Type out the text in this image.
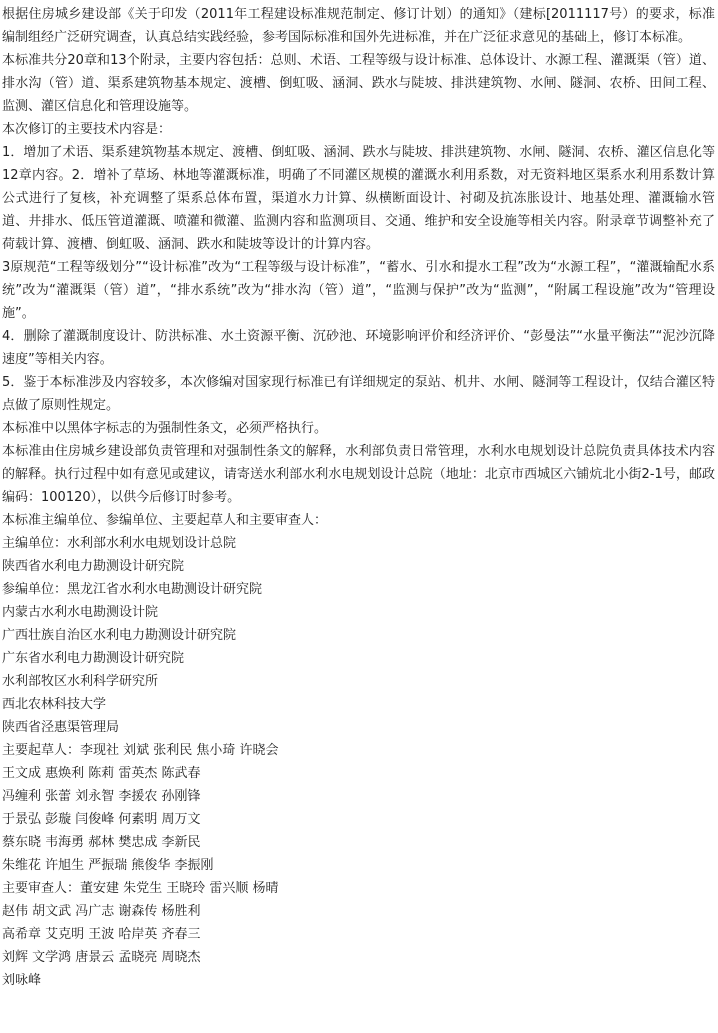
根据住房城乡建设部《关于印发（2011年工程建设标准规范制定、修订计划）的通知》（建标[2011117号）的要求，标准编制组经广泛研究调查，认真总结实践经验，参考国际标准和国外先进标准，并在广泛征求意见的基础上，修订本标准。

本标准共分20章和13个附录，主要内容包括：总则、术语、工程等级与设计标准、总体设计、水源工程、灌溉渠（管）道、排水沟（管）道、渠系建筑物基本规定、渡槽、倒虹吸、涵洞、跌水与陡坡、排洪建筑物、水闸、隧洞、农桥、田间工程、监测、灌区信息化和管理设施等。

本次修订的主要技术内容是：

1．增加了术语、渠系建筑物基本规定、渡槽、倒虹吸、涵洞、跌水与陡坡、排洪建筑物、水闸、隧洞、农桥、灌区信息化等12章内容。2．增补了草场、林地等灌溉标准，明确了不同灌区规模的灌溉水利用系数，对无资料地区渠系水利用系数计算公式进行了复核，补充调整了渠系总体布置，渠道水力计算、纵横断面设计、衬砌及抗冻胀设计、地基处理、灌溉输水管道、井排水、低压管道灌溉、喷灌和微灌、监测内容和监测项目、交通、维护和安全设施等相关内容。附录章节调整补充了荷载计算、渡槽、倒虹吸、涵洞、跌水和陡坡等设计的计算内容。

3原规范“工程等级划分”“设计标准”改为“工程等级与设计标准”，“蓄水、引水和提水工程”改为“水源工程”，“灌溉输配水系统”改为“灌溉渠（管）道”，“排水系统”改为“排水沟（管）道”，“监测与保护”改为“监测”，“附属工程设施”改为“管理设施”。

4．删除了灌溉制度设计、防洪标准、水土资源平衡、沉砂池、环境影响评价和经济评价、“彭曼法”“水量平衡法”“泥沙沉降速度”等相关内容。

5．鉴于本标准涉及内容较多，本次修编对国家现行标准已有详细规定的泵站、机井、水闸、隧洞等工程设计，仅结合灌区特点做了原则性规定。

本标准中以黑体字标志的为强制性条文，必须严格执行。

本标准由住房城乡建设部负责管理和对强制性条文的解释，水利部负责日常管理，水利水电规划设计总院负责具体技术内容的解释。执行过程中如有意见或建议，请寄送水利部水利水电规划设计总院（地址：北京市西城区六铺炕北小街2-1号，邮政编码：100120），以供今后修订时参考。

本标准主编单位、参编单位、主要起草人和主要审查人：

主编单位：水利部水利水电规划设计总院

陕西省水利电力勘测设计研究院

参编单位：黑龙江省水利水电勘测设计研究院

内蒙古水利水电勘测设计院

广西壮族自治区水利电力勘测设计研究院

广东省水利电力勘测设计研究院

水利部牧区水利科学研究所

西北农林科技大学

陕西省泾惠渠管理局

主要起草人：李现社 刘斌 张利民 焦小琦 许晓会

王文成 惠焕利 陈莉 雷英杰 陈武春

冯缠利 张蕾 刘永智 李援农 孙刚锋

于景弘 彭璇 闫俊峰 何素明 周万文

蔡东晓 韦海勇 郝林 樊忠成 李新民

朱维花 许旭生 严振瑞 熊俊华 李振刚

主要审查人：董安建 朱党生 王晓玲 雷兴顺 杨晴

赵伟 胡文武 冯广志 谢森传 杨胜利

高希章 艾克明 王波 哈岸英 齐春三

刘辉 文学鸿 唐景云 孟晓亮 周晓杰

刘咏峰
